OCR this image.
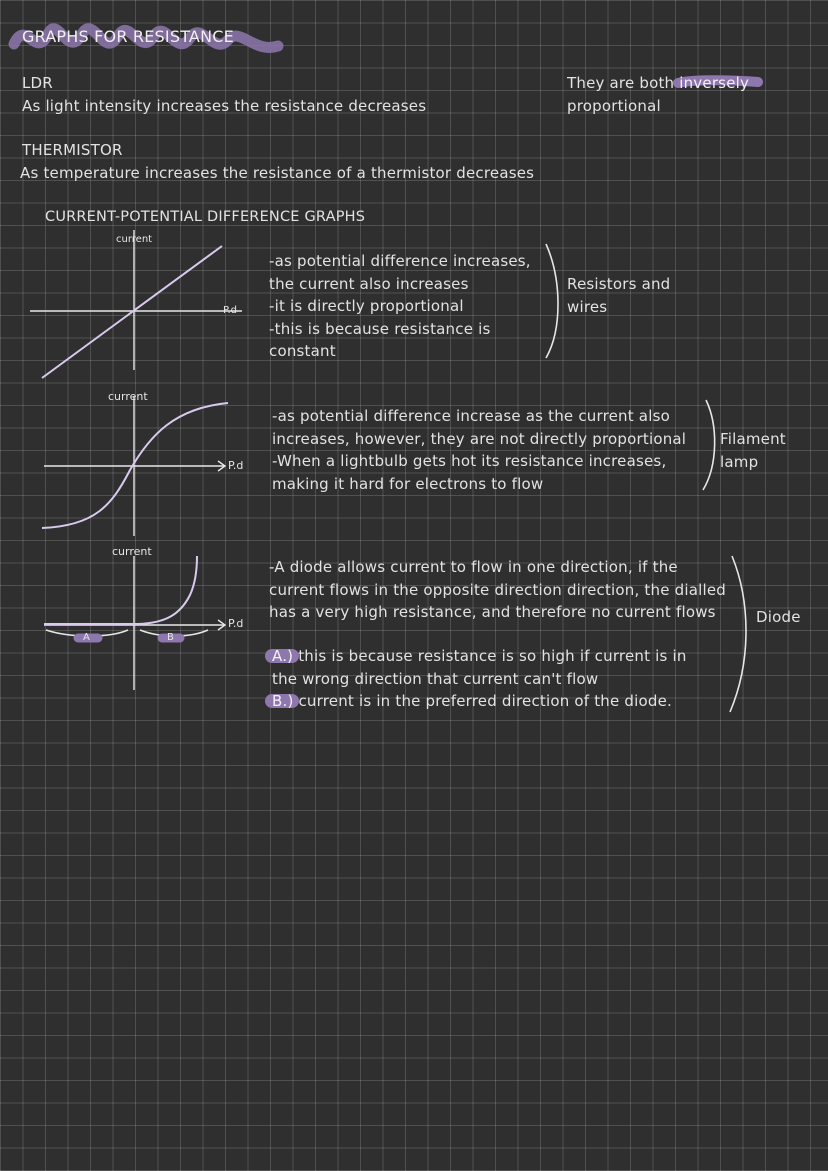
GRAPHS FOR RESISTANCE
LDR
As light intensity increases the resistance decreases
They are both inversely
proportional
THERMISTOR
As temperature increases the resistance of a thermistor decreases
CURRENT-POTENTIAL DIFFERENCE GRAPHS
current
P.d
-as potential difference increases,
the current also increases
-it is directly proportional
-this is because resistance is
constant
Resistors and
wires
current
P.d
-as potential difference increase as the current also
increases, however, they are not directly proportional
-When a lightbulb gets hot its resistance increases,
making it hard for electrons to flow
Filament
lamp
current
P.d
A	B
-A diode allows current to flow in one direction, if the
current flows in the opposite direction direction, the dialled
has a very high resistance, and therefore no current flows
A.) this is because resistance is so high if current is in
the wrong direction that current can't flow
B.) current is in the preferred direction of the diode.
Diode
